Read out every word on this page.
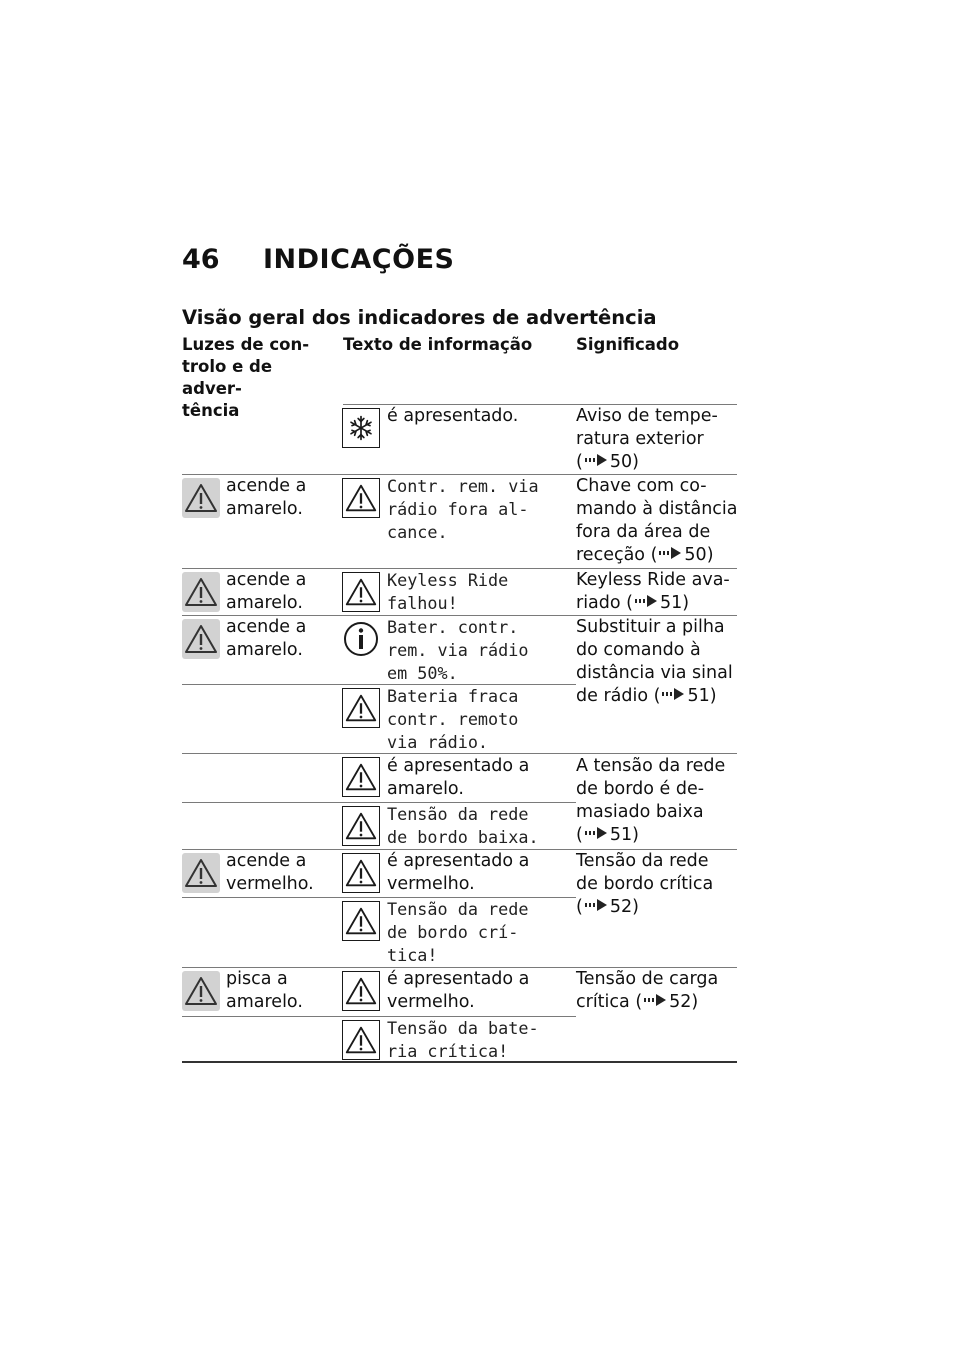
46 INDICAÇÕES
Visão geral dos indicadores de advertência
Luzes de con-
trolo e de adver-
tência
Texto de informação	Significado
é apresentado.	Aviso de tempe-
ratura exterior
( 50)
acende a
amarelo.
Contr. rem. via
rádio fora al-
cance.
Chave com co-
mando à distância
fora da área de
receção ( 50)
acende a
amarelo.
Keyless Ride
falhou!
Keyless Ride ava-
riado ( 51)
acende a
amarelo.
Bater. contr.
rem. via rádio
em 50%.
Substituir a pilha
do comando à
distância via sinal
de rádio ( 51)
Bateria fraca
contr. remoto
via rádio.
é apresentado a
amarelo.
A tensão da rede
de bordo é de-
masiado baixa
( 51)
Tensão da rede
de bordo baixa.
acende a
vermelho.
é apresentado a
vermelho.
Tensão da rede
de bordo crítica
( 52)
Tensão da rede
de bordo crí-
tica!
pisca a
amarelo.
é apresentado a
vermelho.
Tensão de carga
crítica ( 52)
Tensão da bate-
ria crítica!
